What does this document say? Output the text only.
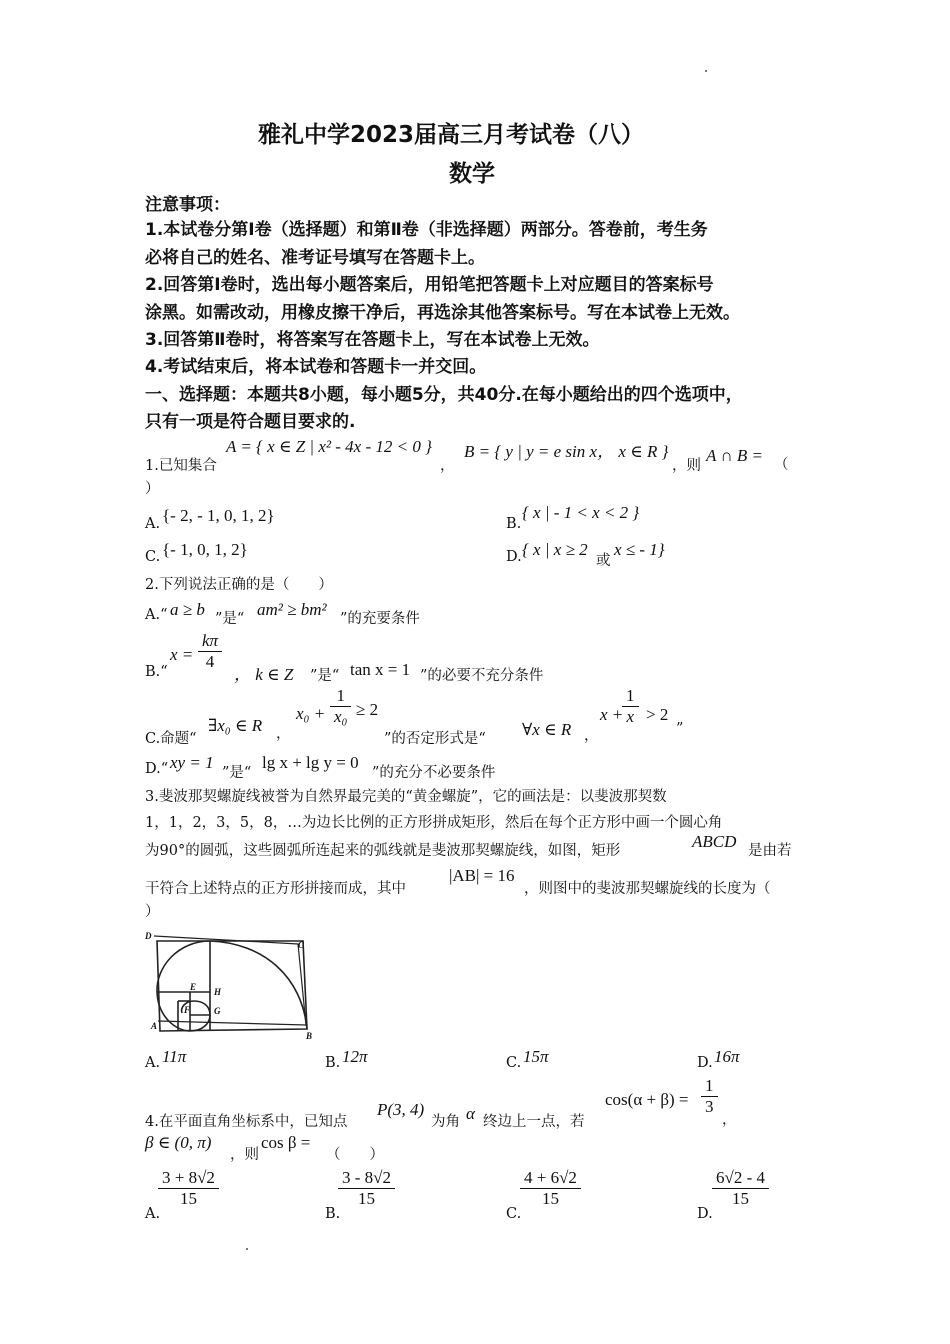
雅礼中学2023届高三月考试卷（八）
数学
注意事项：
1.本试卷分第Ⅰ卷（选择题）和第Ⅱ卷（非选择题）两部分。答卷前，考生务
必将自己的姓名、准考证号填写在答题卡上。
2.回答第Ⅰ卷时，选出每小题答案后，用铅笔把答题卡上对应题目的答案标号
涂黑。如需改动，用橡皮擦干净后，再选涂其他答案标号。写在本试卷上无效。
3.回答第Ⅱ卷时，将答案写在答题卡上，写在本试卷上无效。
4.考试结束后，将本试卷和答题卡一并交回。
一、选择题：本题共8小题，每小题5分，共40分.在每小题给出的四个选项中，
只有一项是符合题目要求的.
1.已知集合
A = { x ∈ Z | x² - 4x - 12 < 0 }
，
B = { y | y = e sin x， x ∈ R }
，则
A ∩ B = （
）
A. {- 2, - 1, 0, 1, 2}	B.
{ x | - 1 < x < 2 }
C. {- 1, 0, 1, 2}	D. { x | x ≥ 2
或
x ≤ - 1}
2.下列说法正确的是（　　）
A.“ a ≥ b ”是“ am² ≥ bm² ”的充要条件
B.“
$x = \frac{k\pi}{4}$
， k ∈ Z ”是“ tan x = 1 ”的必要不充分条件
C.命题“
∃x₀ ∈ R ，
$x_0 + \frac{1}{\text{x₀}} \ge 2$
”的否定形式是“ ∀x ∈ R ，
x +
$\frac{1}{x} > 2$
”
D.“ xy = 1
”是“
lg x + lg y = 0
”的充分不必要条件
3.斐波那契螺旋线被誉为自然界最完美的“黄金螺旋”，它的画法是：以斐波那契数
1，1，2，3，5，8，…为边长比例的正方形拼成矩形，然后在每个正方形中画一个圆心角
为90°的圆弧，这些圆弧所连起来的弧线就是斐波那契螺旋线，如图，矩形	ABCD 是由若
干符合上述特点的正方形拼接而成，其中
|AB| = 16
，则图中的斐波那契螺旋线的长度为（
）
D
C
E H
F	G
A
B
A. 11π	B. 12π	C. 15π	D. 16π
4.在平面直角坐标系中，已知点
P(3, 4)
为角 α 终边上一点，若
$\cos(\alpha + \beta) = \frac{1}{3}$
，
β ∈ (0, π)
，则
cos β =
（　　）
A.
$\frac{3 + 8√2}{15}$
B.
$\frac{3 - 8√2}{15}$
C.
$\frac{4 + 6√2}{15}$
D.
$\frac{6√2 - 4}{15}$
